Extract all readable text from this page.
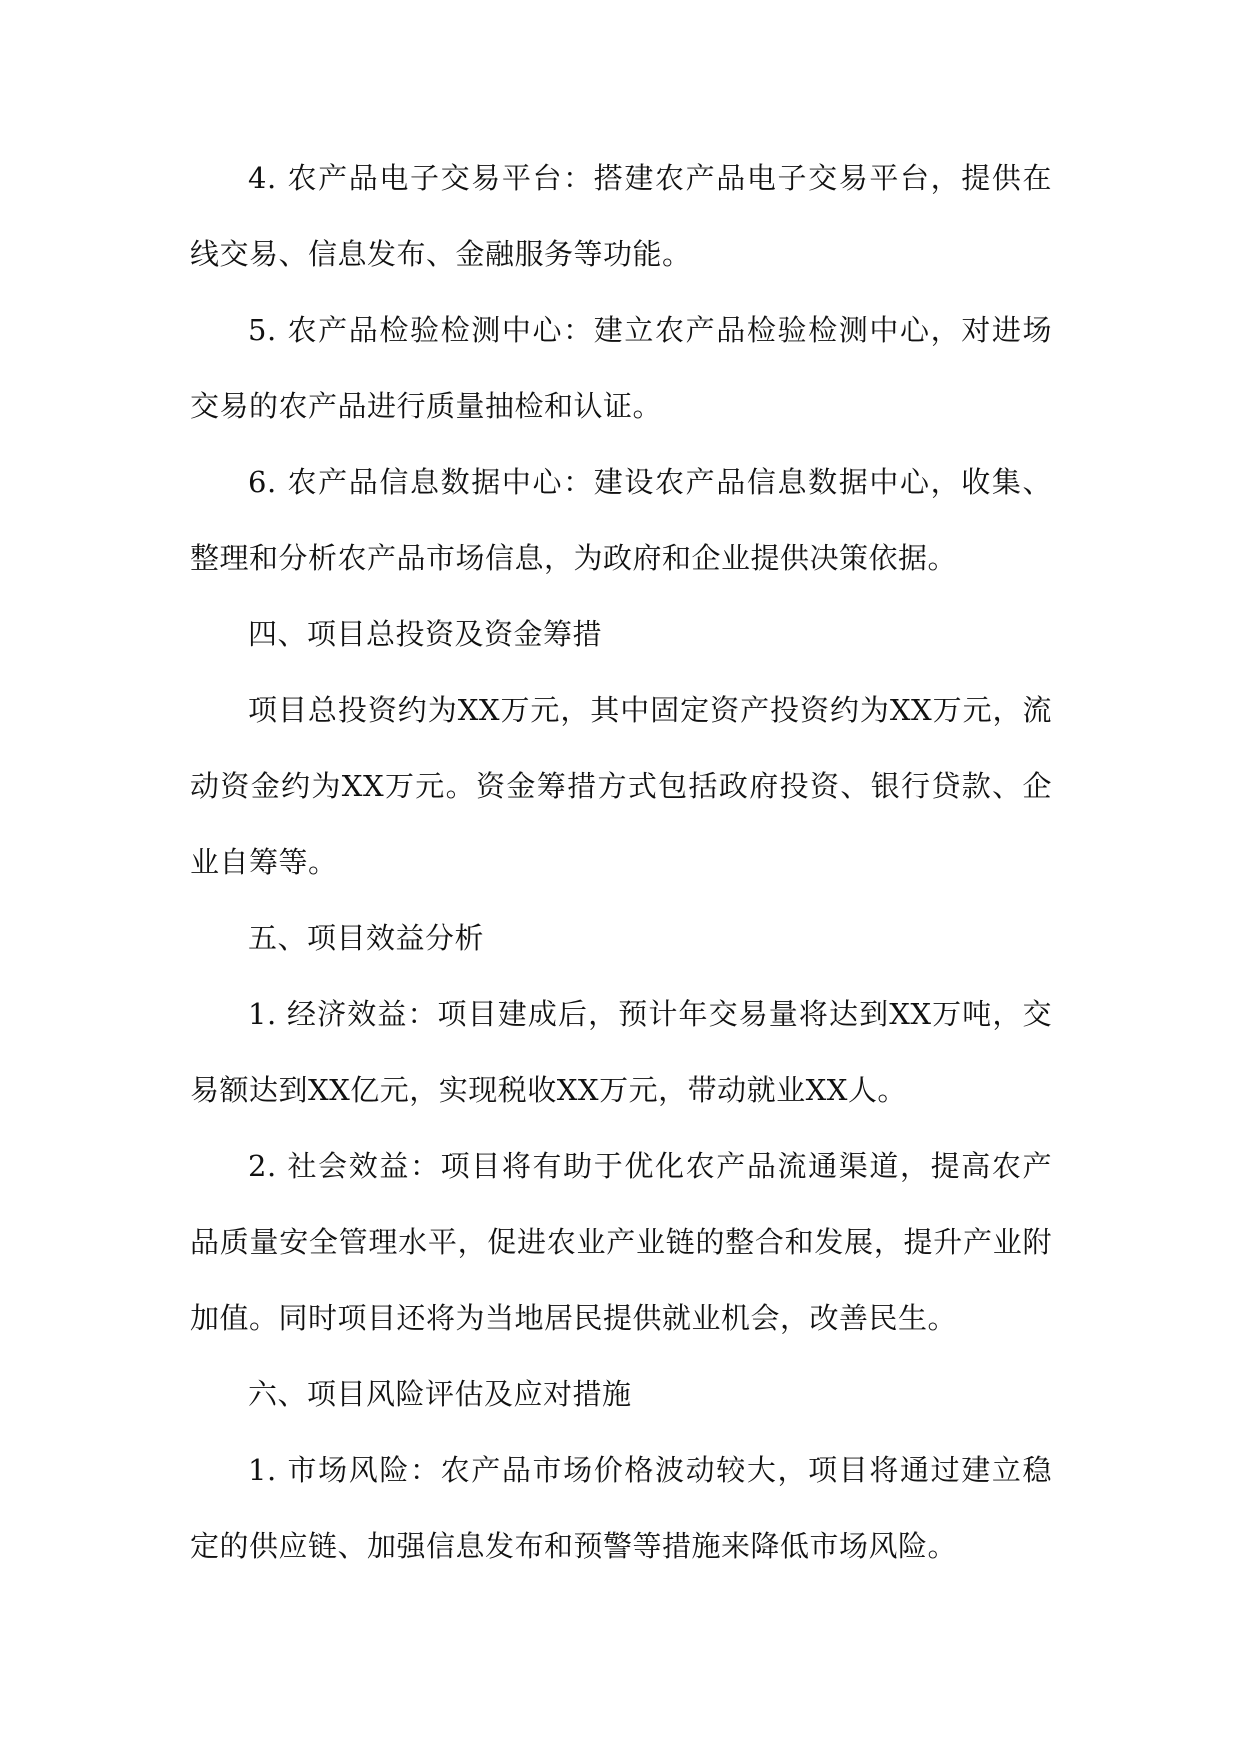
4. 农产品电子交易平台：搭建农产品电子交易平台，提供在线交易、信息发布、金融服务等功能。

5. 农产品检验检测中心：建立农产品检验检测中心，对进场交易的农产品进行质量抽检和认证。

6. 农产品信息数据中心：建设农产品信息数据中心，收集、整理和分析农产品市场信息，为政府和企业提供决策依据。

四、项目总投资及资金筹措

项目总投资约为XX万元，其中固定资产投资约为XX万元，流动资金约为XX万元。资金筹措方式包括政府投资、银行贷款、企业自筹等。

五、项目效益分析

1. 经济效益：项目建成后，预计年交易量将达到XX万吨，交易额达到XX亿元，实现税收XX万元，带动就业XX人。

2. 社会效益：项目将有助于优化农产品流通渠道，提高农产品质量安全管理水平，促进农业产业链的整合和发展，提升产业附加值。同时项目还将为当地居民提供就业机会，改善民生。

六、项目风险评估及应对措施

1. 市场风险：农产品市场价格波动较大，项目将通过建立稳定的供应链、加强信息发布和预警等措施来降低市场风险。
